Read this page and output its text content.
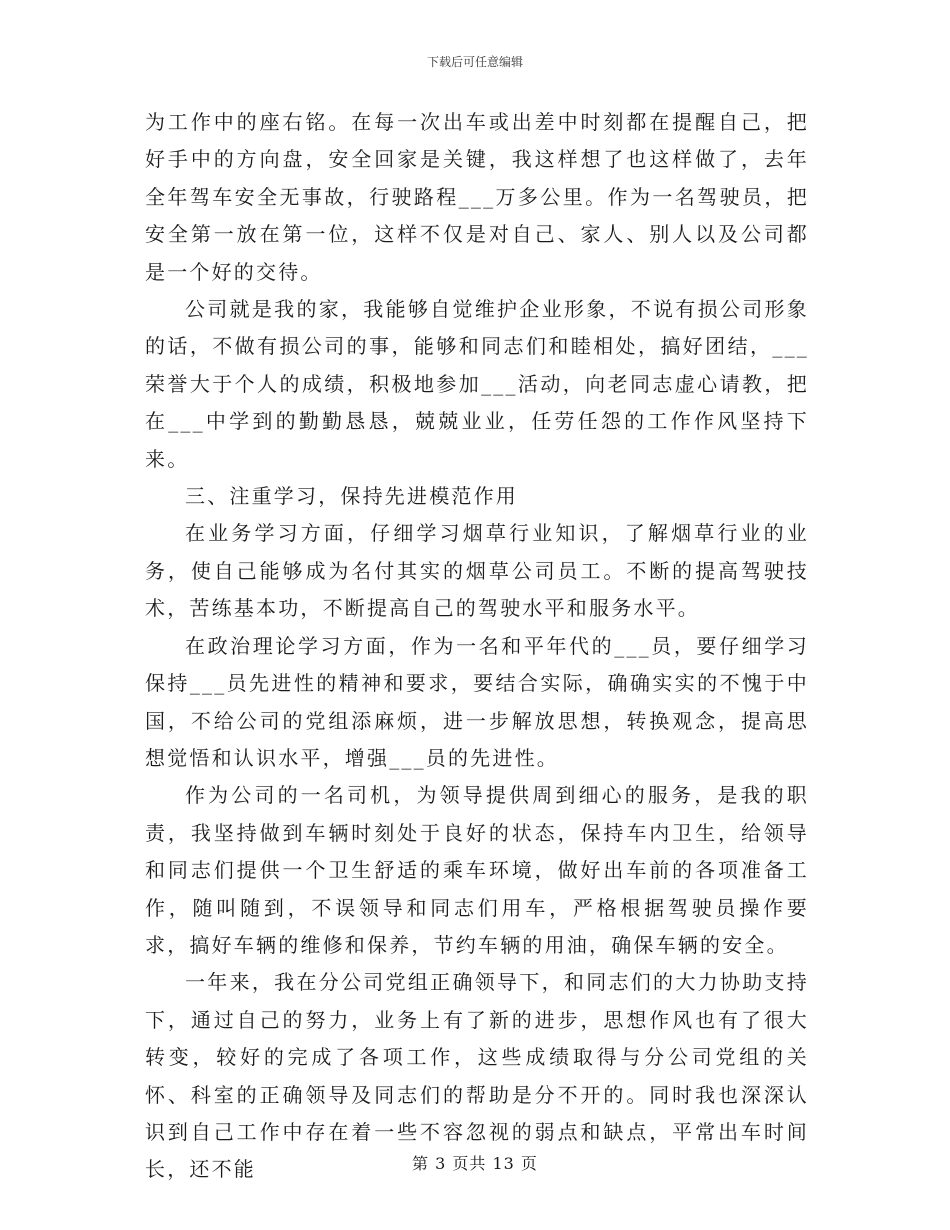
下载后可任意编辑

为工作中的座右铭。在每一次出车或出差中时刻都在提醒自己，把好手中的方向盘，安全回家是关键，我这样想了也这样做了，去年全年驾车安全无事故，行驶路程___万多公里。作为一名驾驶员，把安全第一放在第一位，这样不仅是对自己、家人、别人以及公司都是一个好的交待。

公司就是我的家，我能够自觉维护企业形象，不说有损公司形象的话，不做有损公司的事，能够和同志们和睦相处，搞好团结，___荣誉大于个人的成绩，积极地参加___活动，向老同志虚心请教，把在___中学到的勤勤恳恳，兢兢业业，任劳任怨的工作作风坚持下来。

三、注重学习，保持先进模范作用

在业务学习方面，仔细学习烟草行业知识，了解烟草行业的业务，使自己能够成为名付其实的烟草公司员工。不断的提高驾驶技术，苦练基本功，不断提高自己的驾驶水平和服务水平。

在政治理论学习方面，作为一名和平年代的___员，要仔细学习保持___员先进性的精神和要求，要结合实际，确确实实的不愧于中国，不给公司的党组添麻烦，进一步解放思想，转换观念，提高思想觉悟和认识水平，增强___员的先进性。

作为公司的一名司机，为领导提供周到细心的服务，是我的职责，我坚持做到车辆时刻处于良好的状态，保持车内卫生，给领导和同志们提供一个卫生舒适的乘车环境，做好出车前的各项准备工作，随叫随到，不误领导和同志们用车，严格根据驾驶员操作要求，搞好车辆的维修和保养，节约车辆的用油，确保车辆的安全。

一年来，我在分公司党组正确领导下，和同志们的大力协助支持下，通过自己的努力，业务上有了新的进步，思想作风也有了很大转变，较好的完成了各项工作，这些成绩取得与分公司党组的关怀、科室的正确领导及同志们的帮助是分不开的。同时我也深深认识到自己工作中存在着一些不容忽视的弱点和缺点，平常出车时间长，还不能	第 3 页共 13 页
